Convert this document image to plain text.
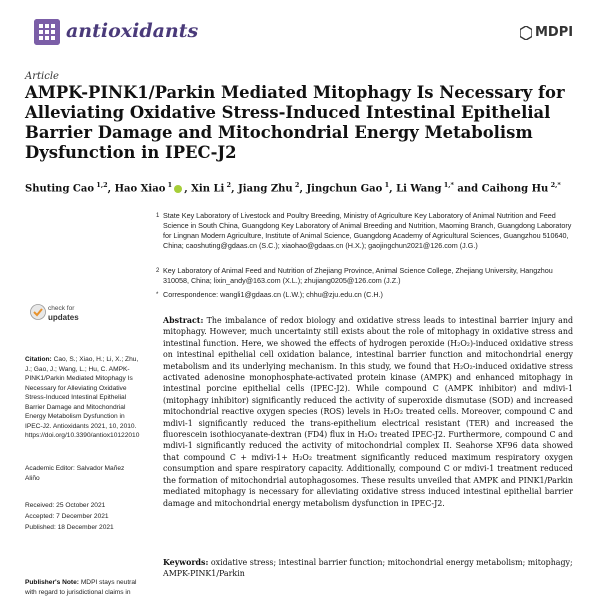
antioxidants	MDPI
Article
AMPK-PINK1/Parkin Mediated Mitophagy Is Necessary for Alleviating Oxidative Stress-Induced Intestinal Epithelial Barrier Damage and Mitochondrial Energy Metabolism Dysfunction in IPEC-J2
Shuting Cao $^{1,2}$, Hao Xiao $^1$ , Xin Li $^2$, Jiang Zhu $^2$, Jingchun Gao $^1$, Li Wang $^{1,*}$ and Caihong Hu $^{2,*}$
1 State Key Laboratory of Livestock and Poultry Breeding, Ministry of Agriculture Key Laboratory of Animal Nutrition and Feed Science in South China, Guangdong Key Laboratory of Animal Breeding and Nutrition, Maoming Branch, Guangdong Laboratory for Lingnan Modern Agriculture, Institute of Animal Science, Guangdong Academy of Agricultural Sciences, Guangzhou 510640, China; caoshuting@gdaas.cn (S.C.); xiaohao@gdaas.cn (H.X.); gaojingchun2021@126.com (J.G.)
2 Key Laboratory of Animal Feed and Nutrition of Zhejiang Province, Animal Science College, Zhejiang University, Hangzhou 310058, China; lixin_andy@163.com (X.L.); zhujiang0205@126.com (J.Z.)
* Correspondence: wangli1@gdaas.cn (L.W.); chhu@zju.edu.cn (C.H.)
check for
updates
Citation: Cao, S.; Xiao, H.; Li, X.; Zhu, J.; Gao, J.; Wang, L.; Hu, C. AMPK-PINK1/Parkin Mediated Mitophagy Is Necessary for Alleviating Oxidative Stress-Induced Intestinal Epithelial Barrier Damage and Mitochondrial Energy Metabolism Dysfunction in IPEC-J2. Antioxidants 2021, 10, 2010. https://doi.org/10.3390/antiox10122010
Academic Editor: Salvador Mañez Aliño
Received: 25 October 2021
Accepted: 7 December 2021
Published: 18 December 2021
Publisher's Note: MDPI stays neutral with regard to jurisdictional claims in
Abstract: The imbalance of redox biology and oxidative stress leads to intestinal barrier injury and mitophagy. However, much uncertainty still exists about the role of mitophagy in oxidative stress and intestinal function. Here, we showed the effects of hydrogen peroxide (H₂O₂)-induced oxidative stress on intestinal epithelial cell oxidation balance, intestinal barrier function and mitochondrial energy metabolism and its underlying mechanism. In this study, we found that H₂O₂-induced oxidative stress activated adenosine monophosphate-activated protein kinase (AMPK) and enhanced mitophagy in intestinal porcine epithelial cells (IPEC-J2). While compound C (AMPK inhibitor) and mdivi-1 (mitophagy inhibitor) significantly reduced the activity of superoxide dismutase (SOD) and increased mitochondrial reactive oxygen species (ROS) levels in H₂O₂ treated cells. Moreover, compound C and mdivi-1 significantly reduced the trans-epithelium electrical resistant (TER) and increased the fluorescein isothiocyanate-dextran (FD4) flux in H₂O₂ treated IPEC-J2. Furthermore, compound C and mdivi-1 significantly reduced the activity of mitochondrial complex II. Seahorse XF96 data showed that compound C + mdivi-1+ H₂O₂ treatment significantly reduced maximum respiratory oxygen consumption and spare respiratory capacity. Additionally, compound C or mdivi-1 treatment reduced the formation of mitochondrial autophagosomes. These results unveiled that AMPK and PINK1/Parkin mediated mitophagy is necessary for alleviating oxidative stress induced intestinal epithelial barrier damage and mitochondrial energy metabolism dysfunction in IPEC-J2.
Keywords: oxidative stress; intestinal barrier function; mitochondrial energy metabolism; mitophagy; AMPK-PINK1/Parkin
